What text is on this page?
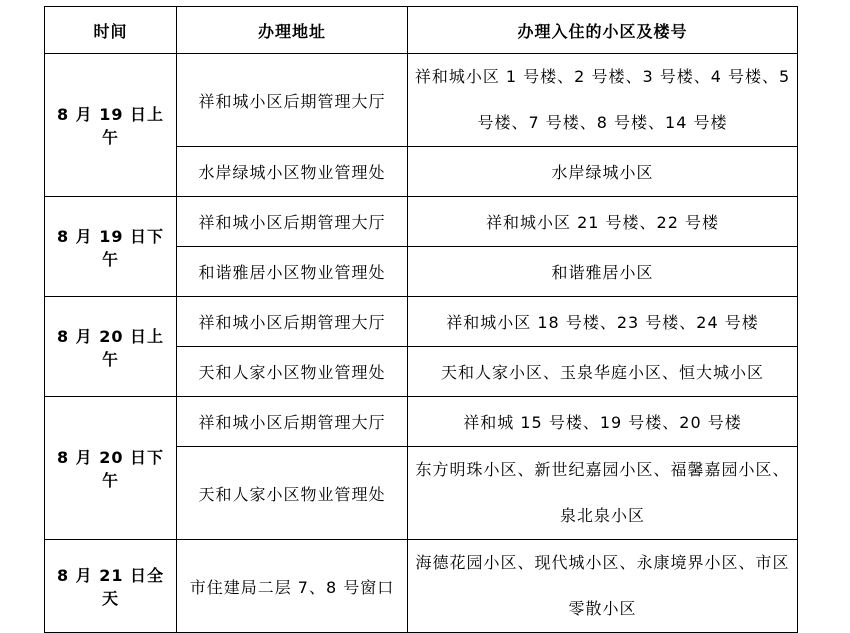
时间	办理地址	办理入住的小区及楼号
8 月 19 日上午	祥和城小区后期管理大厅	祥和城小区 1 号楼、2 号楼、3 号楼、4 号楼、5 号楼、7 号楼、8 号楼、14 号楼
	水岸绿城小区物业管理处	水岸绿城小区
8 月 19 日下午	祥和城小区后期管理大厅	祥和城小区 21 号楼、22 号楼
	和谐雅居小区物业管理处	和谐雅居小区
8 月 20 日上午	祥和城小区后期管理大厅	祥和城小区 18 号楼、23 号楼、24 号楼
	天和人家小区物业管理处	天和人家小区、玉泉华庭小区、恒大城小区
8 月 20 日下午	祥和城小区后期管理大厅	祥和城 15 号楼、19 号楼、20 号楼
	天和人家小区物业管理处	东方明珠小区、新世纪嘉园小区、福馨嘉园小区、泉北泉小区
8 月 21 日全天	市住建局二层 7、8 号窗口	海德花园小区、现代城小区、永康境界小区、市区零散小区
